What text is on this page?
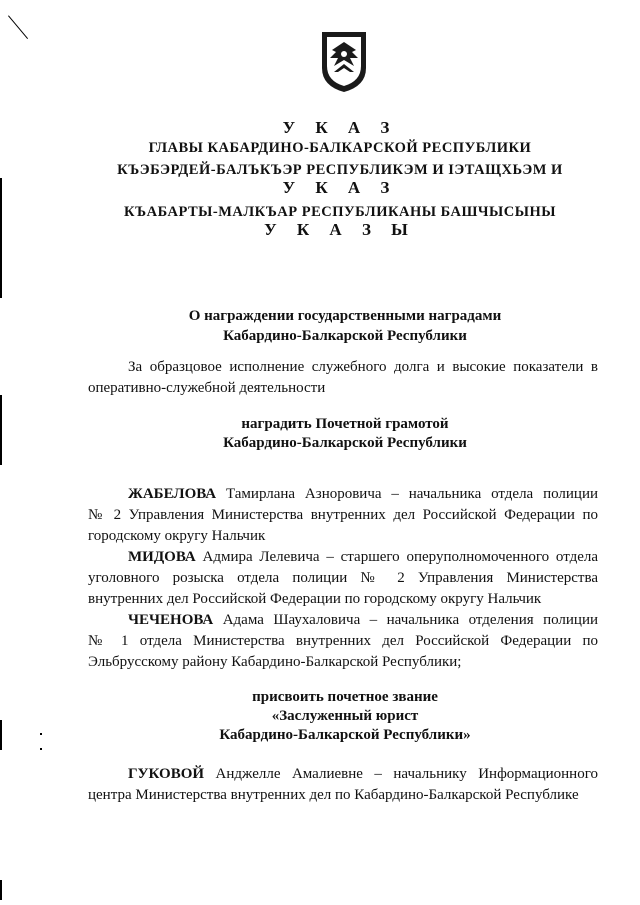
У К А З
ГЛАВЫ КАБАРДИНО-БАЛКАРСКОЙ РЕСПУБЛИКИ
КЪЭБЭРДЕЙ-БАЛЪКЪЭР РЕСПУБЛИКЭМ И ІЭТАЩХЬЭМ И
У К А З
КЪАБАРТЫ-МАЛКЪАР РЕСПУБЛИКАНЫ БАШЧЫСЫНЫ
У К А З Ы
О награждении государственными наградами
Кабардино-Балкарской Республики
За образцовое исполнение служебного долга и высокие показатели в
оперативно-служебной деятельности
наградить Почетной грамотой
Кабардино-Балкарской Республики
ЖАБЕЛОВА Тамирлана Азноровича – начальника отдела полиции
№ 2 Управления Министерства внутренних дел Российской Федерации по
городскому округу Нальчик
МИДОВА Адмира Лелевича – старшего оперуполномоченного отдела
уголовного розыска отдела полиции № 2 Управления Министерства
внутренних дел Российской Федерации по городскому округу Нальчик
ЧЕЧЕНОВА Адама Шаухаловича – начальника отделения полиции
№ 1 отдела Министерства внутренних дел Российской Федерации по
Эльбрусскому району Кабардино-Балкарской Республики;
присвоить почетное звание
«Заслуженный юрист
Кабардино-Балкарской Республики»
ГУКОВОЙ Анджелле Амалиевне – начальнику Информационного
центра Министерства внутренних дел по Кабардино-Балкарской Республике
